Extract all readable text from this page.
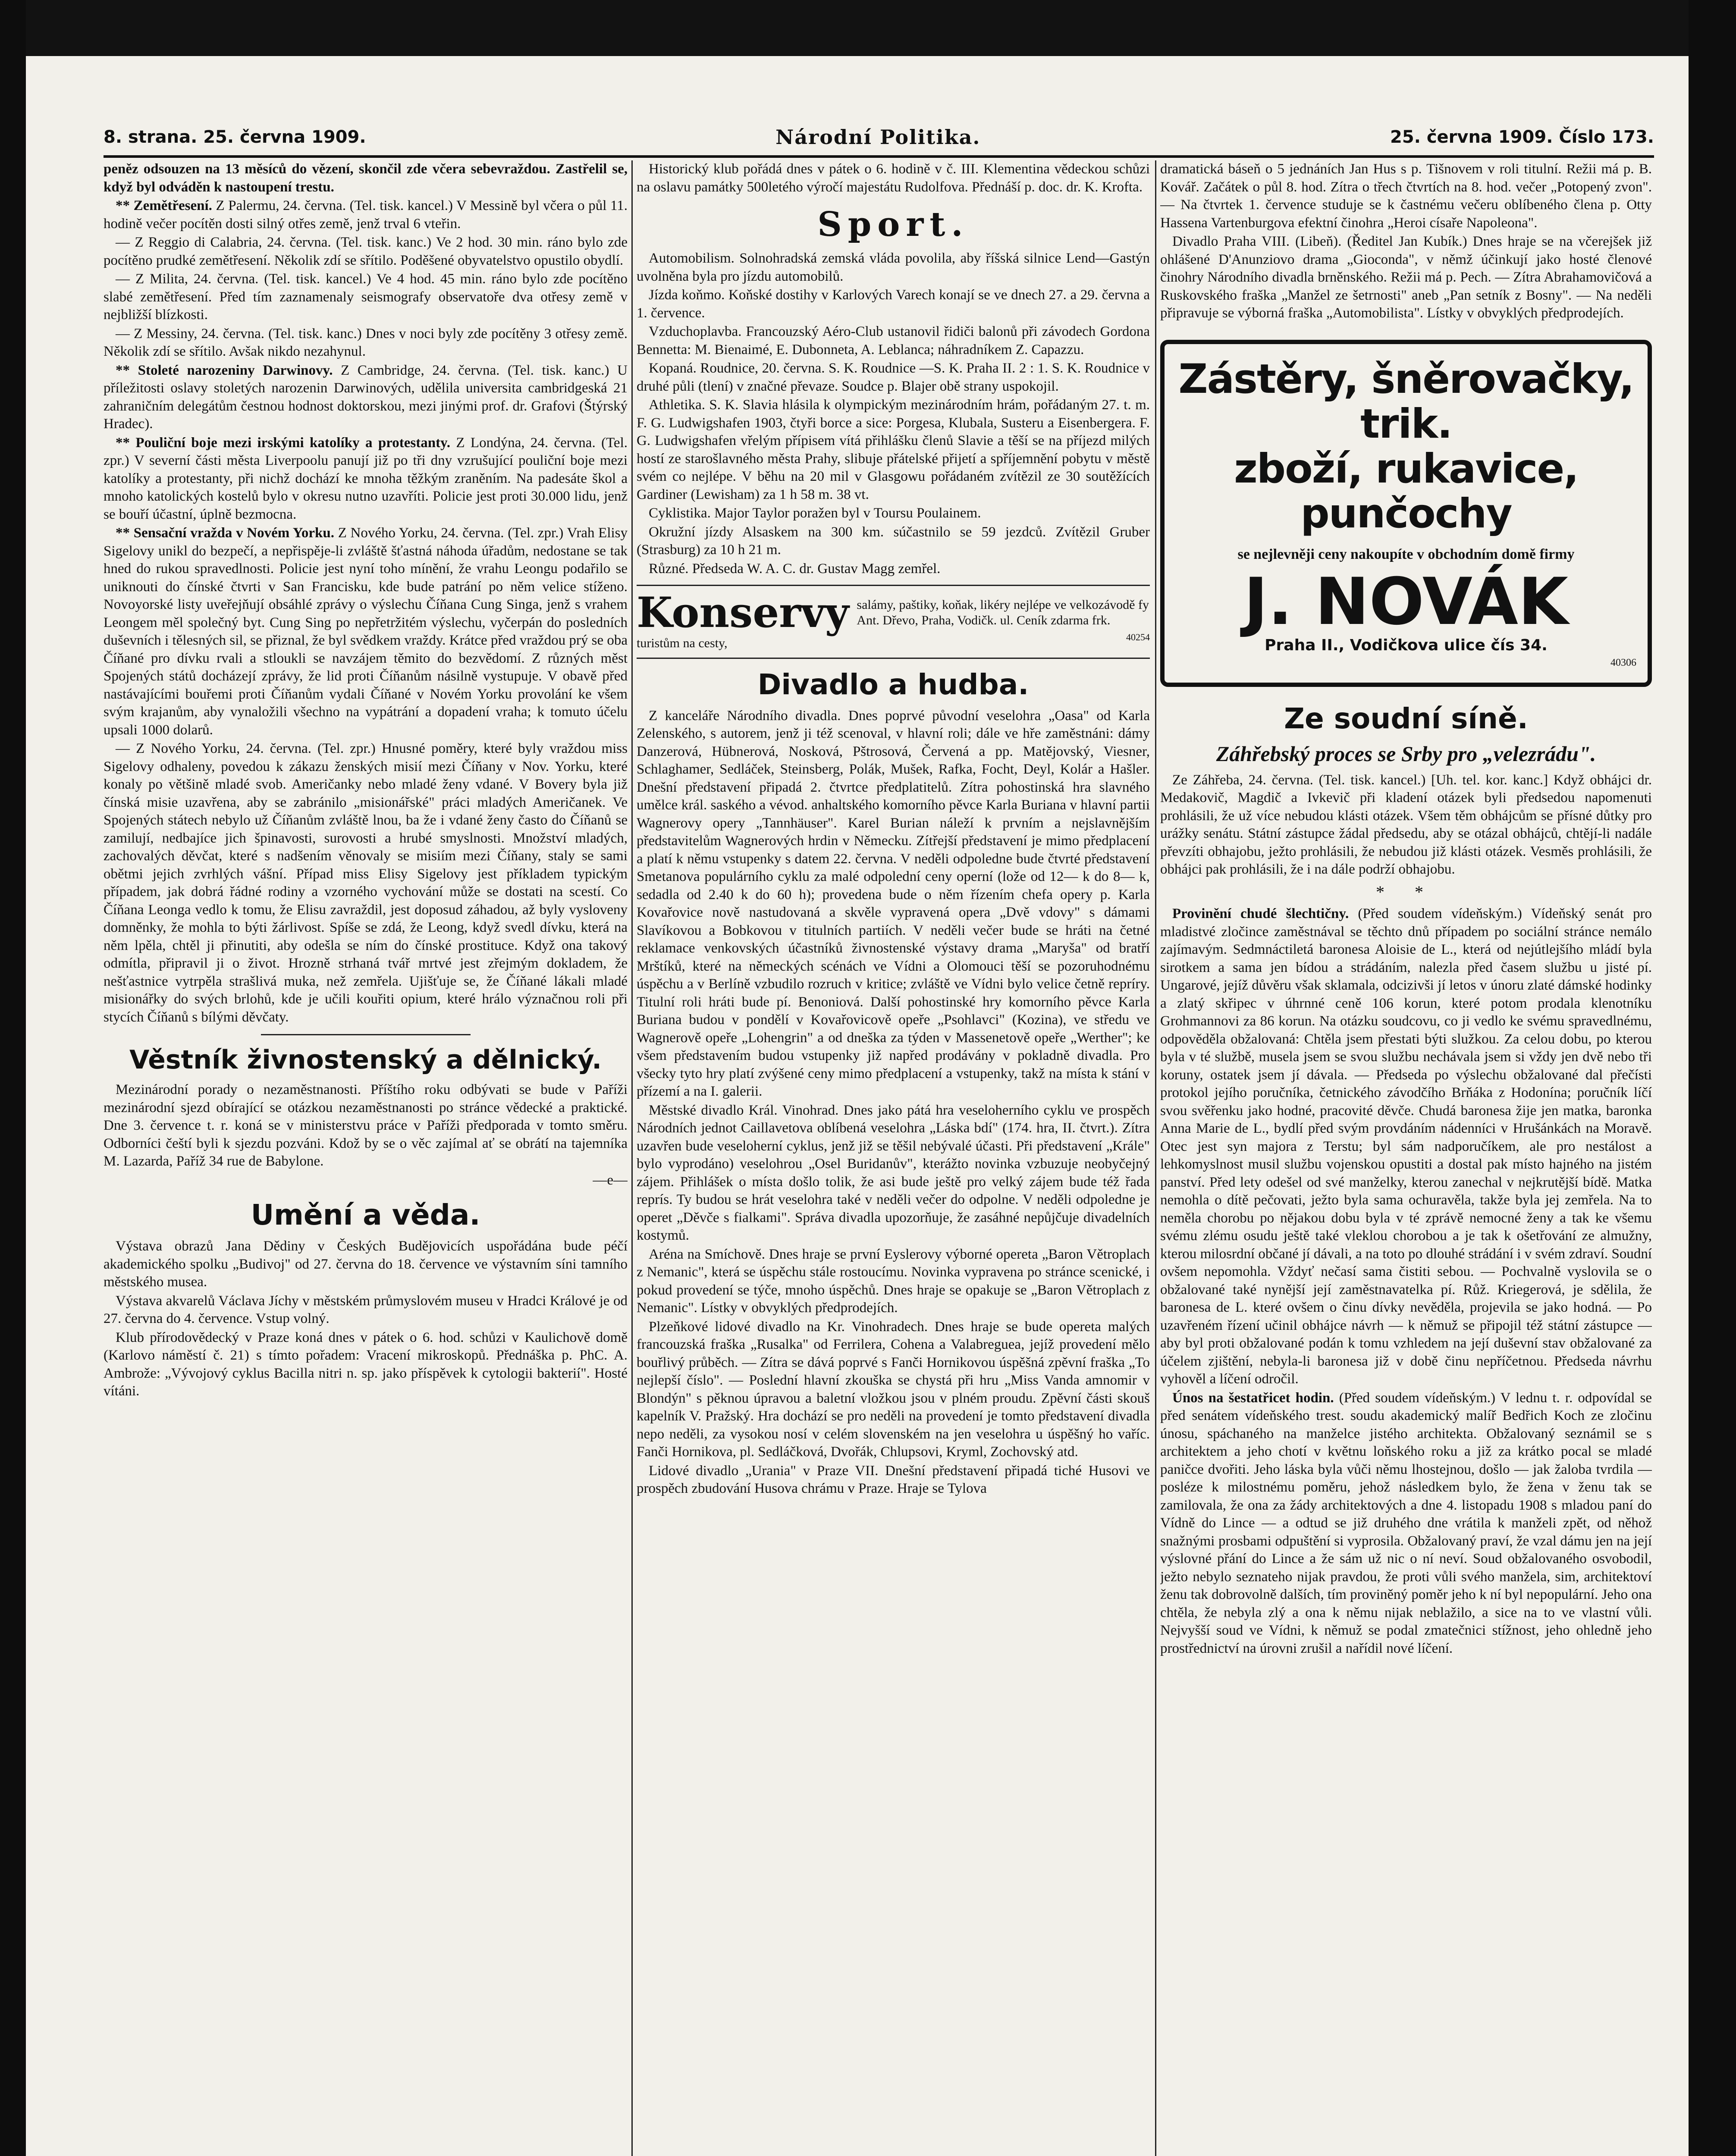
8. strana. 25. června 1909.	Národní Politika.	25. června 1909. Číslo 173.

peněz odsouzen na 13 měsíců do vězení, skončil zde včera sebevraždou. Zastřelil se, když byl odváděn k nastoupení trestu.

** Zemětřesení. Z Palermu, 24. června. (Tel. tisk. kancel.) V Messině byl včera o půl 11. hodině večer pocítěn dosti silný otřes země, jenž trval 6 vteřin.

— Z Reggio di Calabria, 24. června. (Tel. tisk. kanc.) Ve 2 hod. 30 min. ráno bylo zde pocítěno prudké zemětřesení. Několik zdí se sřítilo. Poděšené obyvatelstvo opustilo obydlí.

— Z Milita, 24. června. (Tel. tisk. kancel.) Ve 4 hod. 45 min. ráno bylo zde pocítěno slabé zemětřesení. Před tím zaznamenaly seismografy observatoře dva otřesy země v nejbližší blízkosti.

— Z Messiny, 24. června. (Tel. tisk. kanc.) Dnes v noci byly zde pocítěny 3 otřesy země. Několik zdí se sřítilo. Avšak nikdo nezahynul.

** Stoleté narozeniny Darwinovy. Z Cambridge, 24. června. (Tel. tisk. kanc.) U příležitosti oslavy stoletých narozenin Darwinových, udělila universita cambridgeská 21 zahraničním delegátům čestnou hodnost doktorskou, mezi jinými prof. dr. Grafovi (Štýrský Hradec).

** Pouliční boje mezi irskými katolíky a protestanty. Z Londýna, 24. června. (Tel. zpr.) V severní části města Liverpoolu panují již po tři dny vzrušující pouliční boje mezi katolíky a protestanty, při nichž dochází ke mnoha těžkým zraněním. Na padesáte škol a mnoho katolických kostelů bylo v okresu nutno uzavříti. Policie jest proti 30.000 lidu, jenž se bouří účastní, úplně bezmocna.

** Sensační vražda v Novém Yorku. Z Nového Yorku, 24. června. (Tel. zpr.) Vrah Elisy Sigelovy unikl do bezpečí, a nepřispěje-li zvláště šťastná náhoda úřadům, nedostane se tak hned do rukou spravedlnosti. Policie jest nyní toho mínění, že vrahu Leongu podařilo se uniknouti do čínské čtvrti v San Francisku, kde bude patrání po něm velice stíženo. Novoyorské listy uveřejňují obsáhlé zprávy o výslechu Číňana Cung Singa, jenž s vrahem Leongem měl společný byt. Cung Sing po nepřetržitém výslechu, vyčerpán do posledních duševních i tělesných sil, se přiznal, že byl svědkem vraždy. Krátce před vraždou prý se oba Číňané pro dívku rvali a stloukli se navzájem těmito do bezvědomí. Z různých měst Spojených států docházejí zprávy, že lid proti Číňanům násilně vystupuje. V obavě před nastávajícími bouřemi proti Číňanům vydali Číňané v Novém Yorku provolání ke všem svým krajanům, aby vynaložili všechno na vypátrání a dopadení vraha; k tomuto účelu upsali 1000 dolarů.

— Z Nového Yorku, 24. června. (Tel. zpr.) Hnusné poměry, které byly vraždou miss Sigelovy odhaleny, povedou k zákazu ženských misií mezi Číňany v Nov. Yorku, které konaly po většině mladé svob. Američanky nebo mladé ženy vdané. V Bovery byla již čínská misie uzavřena, aby se zabránilo „misionářské" práci mladých Američanek. Ve Spojených státech nebylo už Číňanům zvláště lnou, ba že i vdané ženy často do Číňanů se zamilují, nedbajíce jich špinavosti, surovosti a hrubé smyslnosti. Množství mladých, zachovalých děvčat, které s nadšením věnovaly se misiím mezi Číňany, staly se sami obětmi jejich zvrhlých vášní. Případ miss Elisy Sigelovy jest příkladem typickým případem, jak dobrá řádné rodiny a vzorného vychování může se dostati na scestí. Co Číňana Leonga vedlo k tomu, že Elisu zavraždil, jest doposud záhadou, až byly vysloveny domněnky, že mohla to býti žárlivost. Spíše se zdá, že Leong, když svedl dívku, která na něm lpěla, chtěl ji přinutiti, aby odešla se ním do čínské prostituce. Když ona takový odmítla, připravil ji o život. Hrozně strhaná tvář mrtvé jest zřejmým dokladem, že nešťastnice vytrpěla strašlivá muka, než zemřela. Ujišťuje se, že Číňané lákali mladé misionářky do svých brlohů, kde je učili kouřiti opium, které hrálo význačnou roli při stycích Číňanů s bílými děvčaty.

Věstník živnostenský a dělnický.

Mezinárodní porady o nezaměstnanosti. Příštího roku odbývati se bude v Paříži mezinárodní sjezd obírající se otázkou nezaměstnanosti po stránce vědecké a praktické. Dne 3. července t. r. koná se v ministerstvu práce v Paříži předporada v tomto směru. Odborníci čeští byli k sjezdu pozváni. Kdož by se o věc zajímal ať se obrátí na tajemníka M. Lazarda, Paříž 34 rue de Babylone.

—e—

Umění a věda.

Výstava obrazů Jana Dědiny v Českých Budějovicích uspořádána bude péčí akademického spolku „Budivoj" od 27. června do 18. července ve výstavním síni tamního městského musea.

Výstava akvarelů Václava Jíchy v městském průmyslovém museu v Hradci Králové je od 27. června do 4. července. Vstup volný.

Klub přírodovědecký v Praze koná dnes v pátek o 6. hod. schůzi v Kaulichově domě (Karlovo náměstí č. 21) s tímto pořadem: Vracení mikroskopů. Přednáška p. PhC. A. Ambrože: „Vývojový cyklus Bacilla nitri n. sp. jako příspěvek k cytologii bakterií". Hosté vítáni.

Historický klub pořádá dnes v pátek o 6. hodině v č. III. Klementina vědeckou schůzi na oslavu památky 500letého výročí majestátu Rudolfova. Přednáší p. doc. dr. K. Krofta.

Sport.

Automobilism. Solnohradská zemská vláda povolila, aby říšská silnice Lend—Gastýn uvolněna byla pro jízdu automobilů.

Jízda koňmo. Koňské dostihy v Karlových Varech konají se ve dnech 27. a 29. června a 1. července.

Vzduchoplavba. Francouzský Aéro-Club ustanovil řidiči balonů při závodech Gordona Bennetta: M. Bienaimé, E. Dubonneta, A. Leblanca; náhradníkem Z. Capazzu.

Kopaná. Roudnice, 20. června. S. K. Roudnice —S. K. Praha II. 2 : 1. S. K. Roudnice v druhé půli (tlení) v značné převaze. Soudce p. Blajer obě strany uspokojil.

Athletika. S. K. Slavia hlásila k olympickým mezinárodním hrám, pořádaným 27. t. m. F. G. Ludwigshafen 1903, čtyři borce a sice: Porgesa, Klubala, Susteru a Eisenbergera. F. G. Ludwigshafen vřelým přípisem vítá přihlášku členů Slavie a těší se na příjezd milých hostí ze starošlavného města Prahy, slibuje přátelské přijetí a spříjemnění pobytu v městě svém co nejlépe. V běhu na 20 mil v Glasgowu pořádaném zvítězil ze 30 soutěžících Gardiner (Lewisham) za 1 h 58 m. 38 vt.

Cyklistika. Major Taylor poražen byl v Toursu Poulainem.

Okružní jízdy Alsaskem na 300 km. súčastnilo se 59 jezdců. Zvítězil Gruber (Strasburg) za 10 h 21 m.

Různé. Předseda W. A. C. dr. Gustav Magg zemřel.

Konservy
turistům na cesty,
salámy, paštiky, koňak, likéry nejlépe ve velkozávodě fy Ant. Dřevo, Praha, Vodičk. ul. Ceník zdarma frk.
40254
Divadlo a hudba.

Z kanceláře Národního divadla. Dnes poprvé původní veselohra „Oasa" od Karla Zelenského, s autorem, jenž ji též scenoval, v hlavní roli; dále ve hře zaměstnáni: dámy Danzerová, Hübnerová, Nosková, Pštrosová, Červená a pp. Matějovský, Viesner, Schlaghamer, Sedláček, Steinsberg, Polák, Mušek, Rafka, Focht, Deyl, Kolár a Hašler. Dnešní představení připadá 2. čtvrtce předplatitelů. Zítra pohostinská hra slavného umělce král. saského a vévod. anhaltského komorního pěvce Karla Buriana v hlavní partii Wagnerovy opery „Tannhäuser". Karel Burian náleží k prvním a nejslavnějším představitelům Wagnerových hrdin v Německu. Zítřejší představení je mimo předplacení a platí k němu vstupenky s datem 22. června. V neděli odpoledne bude čtvrté představení Smetanova populárního cyklu za malé odpolední ceny operní (lože od 12— k do 8— k, sedadla od 2.40 k do 60 h); provedena bude o něm řízením chefa opery p. Karla Kovařovice nově nastudovaná a skvěle vypravená opera „Dvě vdovy" s dámami Slavíkovou a Bobkovou v titulních partiích. V neděli večer bude se hráti na četné reklamace venkovských účastníků živnostenské výstavy drama „Maryša" od bratří Mrštíků, které na německých scénách ve Vídni a Olomouci těší se pozoruhodnému úspěchu a v Berlíně vzbudilo rozruch v kritice; zvláště ve Vídni bylo velice četně repríry. Titulní roli hráti bude pí. Benoniová. Další pohostinské hry komorního pěvce Karla Buriana budou v pondělí v Kovařovicově opeře „Psohlavci" (Kozina), ve středu ve Wagnerově opeře „Lohengrin" a od dneška za týden v Massenetově opeře „Werther"; ke všem představením budou vstupenky již napřed prodávány v pokladně divadla. Pro všecky tyto hry platí zvýšené ceny mimo předplacení a vstupenky, takž na místa k stání v přízemí a na I. galerii.

Městské divadlo Král. Vinohrad. Dnes jako pátá hra veseloherního cyklu ve prospěch Národních jednot Caillavetova oblíbená veselohra „Láska bdí" (174. hra, II. čtvrt.). Zítra uzavřen bude veseloherní cyklus, jenž již se těšil nebývalé účasti. Při představení „Krále" bylo vyprodáno) veselohrou „Osel Buridanův", kterážto novinka vzbuzuje neobyčejný zájem. Přihlášek o místa došlo tolik, že asi bude ještě pro velký zájem bude též řada reprís. Ty budou se hrát veselohra také v neděli večer do odpolne. V neděli odpoledne je operet „Děvče s fialkami". Správa divadla upozorňuje, že zasáhné nepůjčuje divadelních kostymů.

Aréna na Smíchově. Dnes hraje se první Eyslerovy výborné opereta „Baron Větroplach z Nemanic", která se úspěchu stále rostoucímu. Novinka vypravena po stránce scenické, i pokud provedení se týče, mnoho úspěchů. Dnes hraje se opakuje se „Baron Větroplach z Nemanic". Lístky v obvyklých předprodejích.

Plzeňkové lidové divadlo na Kr. Vinohradech. Dnes hraje se bude opereta malých francouzská fraška „Rusalka" od Ferrilera, Cohena a Valabregueа, jejíž provedení mělo bouřlivý průběch. — Zítra se dává poprvé s Fanči Hornikovou úspěšná zpěvní fraška „To nejlepší číslo". — Poslední hlavní zkouška se chystá při hru „Miss Vanda amnomir v Blondýn" s pěknou úpravou a baletní vložkou jsou v plném proudu. Zpěvní části skouš kapelník V. Pražský. Hra dochází se pro neděli na provedení je tomto představení divadla nepo neděli, za vysokou nosí v celém slovenském na jen veselohra u úspěšný ho vaříc. Fanči Hornikova, pl. Sedláčková, Dvořák, Chlupsovi, Kryml, Zochovský atd.

Lidové divadlo „Urania" v Praze VII. Dnešní představení připadá tiché Husovi ve prospěch zbudování Husova chrámu v Praze. Hraje se Tylova

dramatická báseň o 5 jednáních Jan Hus s p. Tišnovem v roli titulní. Režii má p. B. Kovář. Začátek o půl 8. hod. Zítra o třech čtvrtích na 8. hod. večer „Potopený zvon". — Na čtvrtek 1. července studuje se k častnému večeru oblíbeného člena p. Otty Hassena Vartenburgova efektní činohra „Heroi císaře Napoleona".

Divadlo Praha VIII. (Libeň). (Ředitel Jan Kubík.) Dnes hraje se na včerejšek již ohlášené D'Anunziovo drama „Gioconda", v němž účinkují jako hosté členové činohry Národního divadla brněnského. Režii má p. Pech. — Zítra Abrahamovičová a Ruskovského fraška „Manžel ze šetrnosti" aneb „Pan setník z Bosny". — Na neděli připravuje se výborná fraška „Automobilista". Lístky v obvyklých předprodejích.

Zástěry, šněrovačky, trik.
zboží, rukavice, punčochy
se nejlevněji ceny nakoupíte v obchodním domě firmy
J. NOVÁK
Praha II., Vodičkova ulice čís 34.
40306
Ze soudní síně.
Záhřebský proces se Srby pro „velezrádu".

Ze Záhřeba, 24. června. (Tel. tisk. kancel.) [Uh. tel. kor. kanc.] Když obhájci dr. Medakovič, Magdič a Ivkevič při kladení otázek byli předsedou napomenuti prohlásili, že už více nebudou klásti otázek. Všem těm obhájcům se přísné důtky pro urážky senátu. Státní zástupce žádal předsedu, aby se otázal obhájců, chtějí-li nadále převzíti obhajobu, ježto prohlásili, že nebudou již klásti otázek. Vesměs prohlásili, že obhájci pak prohlásili, že i na dále podrží obhajobu.

* *

Provinění chudé šlechtičny. (Před soudem vídeňským.) Vídeňský senát pro mladistvé zločince zaměstnával se těchto dnů případem po sociální stránce nemálo zajímavým. Sedmnáctiletá baronesa Aloisie de L., která od nejútlejšího mládí byla sirotkem a sama jen bídou a strádáním, nalezla před časem službu u jisté pí. Ungarové, jejíž důvěru však sklamala, odcizivši jí letos v únoru zlaté dámské hodinky a zlatý skřipec v úhrnné ceně 106 korun, které potom prodala klenotníku Grohmannovi za 86 korun. Na otázku soudcovu, co ji vedlo ke svému spravedlnému, odpověděla obžalovaná: Chtěla jsem přestati býti služkou. Za celou dobu, po kterou byla v té službě, musela jsem se svou službu nechávala jsem si vždy jen dvě nebo tři koruny, ostatek jsem jí dávala. — Předseda po výslechu obžalované dal přečísti protokol jejího poručníka, četnického závodčího Brňáka z Hodonína; poručník líčí svou svěřenku jako hodné, pracovité děvče. Chudá baronesa žije jen matka, baronka Anna Marie de L., bydlí před svým provdáním nádenníci v Hrušánkách na Moravě. Otec jest syn majora z Terstu; byl sám nadporučíkem, ale pro nestálost a lehkomyslnost musil službu vojenskou opustiti a dostal pak místo hajného na jistém panství. Před lety odešel od své manželky, kterou zanechal v nejkrutější bídě. Matka nemohla o dítě pečovati, ježto byla sama ochuravěla, takže byla jej zemřela. Na to neměla chorobu po nějakou dobu byla v té zprávě nemocné ženy a tak ke všemu svému zlému osudu ještě také vleklou chorobou a je tak k ošetřování ze almužny, kterou milosrdní občané jí dávali, a na toto po dlouhé strádání i v svém zdraví. Soudní ovšem nepomohla. Vždyť nečasí sama čistiti sebou. — Pochvalně vyslovila se o obžalované také nynější její zaměstnavatelka pí. Růž. Kriegerová, je sdělila, že baronesa de L. které ovšem o činu dívky nevěděla, projevila se jako hodná. — Po uzavřeném řízení učinil obhájce návrh — k němuž se připojil též státní zástupce — aby byl proti obžalované podán k tomu vzhledem na její duševní stav obžalované za účelem zjištění, nebyla-li baronesa již v době činu nepříčetnou. Předseda návrhu vyhověl a líčení odročil.

Únos na šestatřicet hodin. (Před soudem vídeňským.) V lednu t. r. odpovídal se před senátem vídeňského trest. soudu akademický malíř Bedřich Koch ze zločinu únosu, spáchaného na manželce jistého architekta. Obžalovaný seznámil se s architektem a jeho chotí v květnu loňského roku a již za krátko pocal se mladé paničce dvořiti. Jeho láska byla vůči němu lhostejnou, došlo — jak žaloba tvrdila — posléze k milostnému poměru, jehož následkem bylo, že žena v ženu tak se zamilovala, že ona za žády architektových a dne 4. listopadu 1908 s mladou paní do Vídně do Lince — a odtud se již druhého dne vrátila k manželi zpět, od něhož snažnými prosbami odpuštění si vyprosila. Obžalovaný praví, že vzal dámu jen na její výslovné přání do Lince a že sám už nic o ní neví. Soud obžalovaného osvobodil, ježto nebylo seznateho nijak pravdou, že proti vůli svého manžela, sim, architektoví ženu tak dobrovolně dalších, tím proviněný poměr jeho k ní byl nepopulární. Jeho ona chtěla, že nebyla zlý a ona k němu nijak neblažilo, a sice na to ve vlastní vůli. Nejvyšší soud ve Vídni, k němuž se podal zmatečnici stížnost, jeho ohledně jeho prostřednictví na úrovni zrušil a nařídil nové líčení.
